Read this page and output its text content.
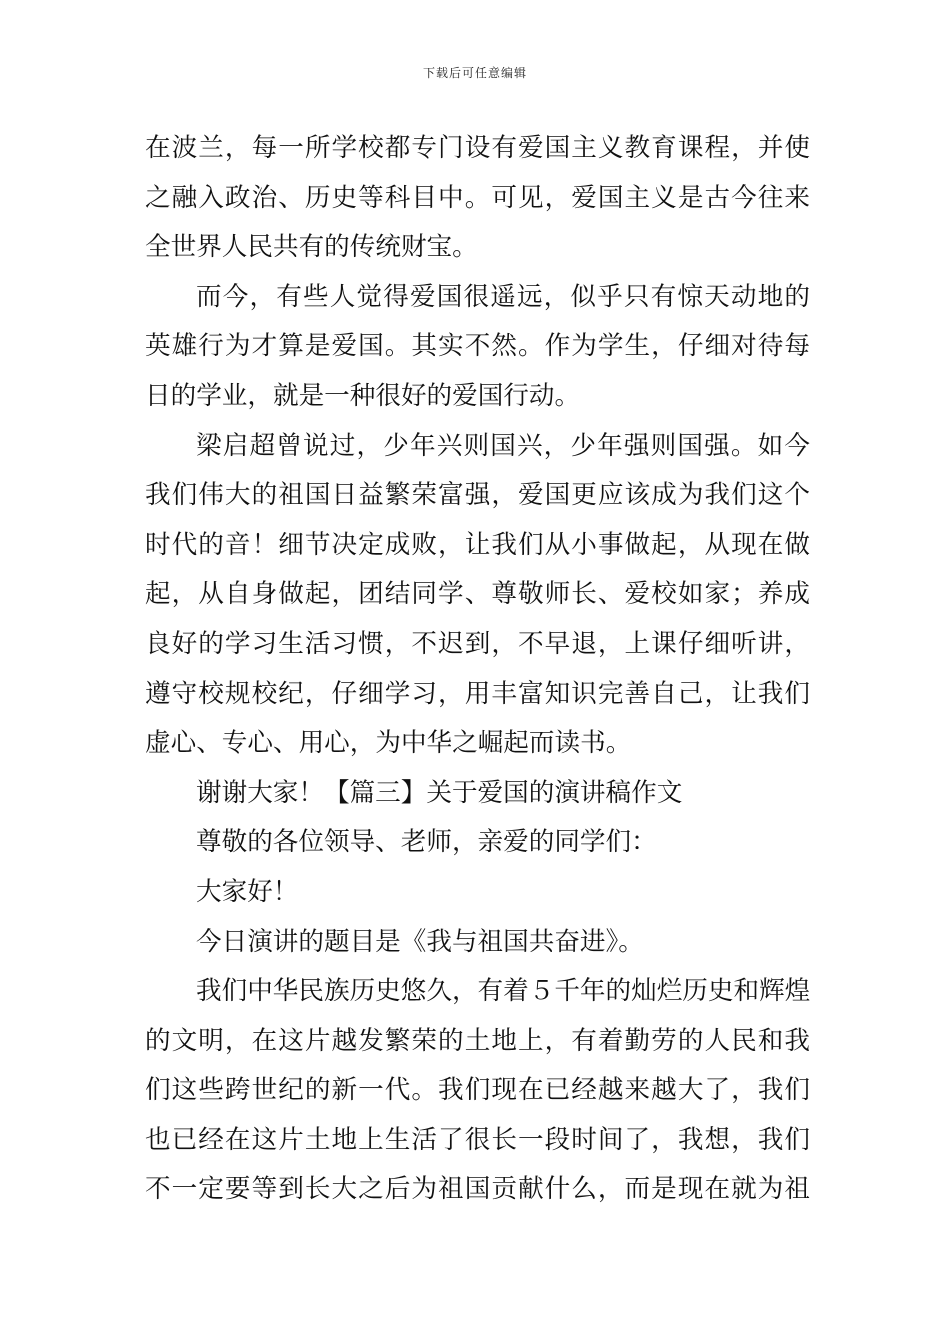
下载后可任意编辑
在波兰，每一所学校都专门设有爱国主义教育课程，并使
之融入政治、历史等科目中。可见，爱国主义是古今往来
全世界人民共有的传统财宝。
而今，有些人觉得爱国很遥远，似乎只有惊天动地的
英雄行为才算是爱国。其实不然。作为学生，仔细对待每
日的学业，就是一种很好的爱国行动。
梁启超曾说过，少年兴则国兴，少年强则国强。如今
我们伟大的祖国日益繁荣富强，爱国更应该成为我们这个
时代的音！细节决定成败，让我们从小事做起，从现在做
起，从自身做起，团结同学、尊敬师长、爱校如家；养成
良好的学习生活习惯，不迟到，不早退，上课仔细听讲，
遵守校规校纪，仔细学习，用丰富知识完善自己，让我们
虚心、专心、用心，为中华之崛起而读书。
谢谢大家！【篇三】关于爱国的演讲稿作文
尊敬的各位领导、老师，亲爱的同学们：
大家好！
今日演讲的题目是《我与祖国共奋进》。
我们中华民族历史悠久，有着５千年的灿烂历史和辉煌
的文明，在这片越发繁荣的土地上，有着勤劳的人民和我
们这些跨世纪的新一代。我们现在已经越来越大了，我们
也已经在这片土地上生活了很长一段时间了，我想，我们
不一定要等到长大之后为祖国贡献什么，而是现在就为祖
